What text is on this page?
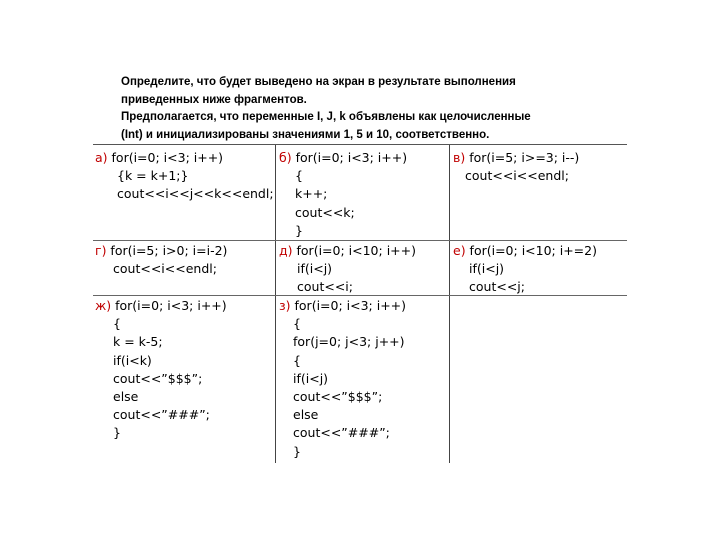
Определите, что будет выведено на экран в результате выполнения
приведенных ниже фрагментов.
Предполагается, что переменные I, J, k объявлены как целочисленные
(Int) и инициализированы значениями 1, 5 и 10, соответственно.
а) for(i=0; i<3; i++)
{k = k+1;}
cout<<i<<j<<k<<endl;
б) for(i=0; i<3; i++)
{
k++;
cout<<k;
}
в) for(i=5; i>=3; i--)
cout<<i<<endl;
г) for(i=5; i>0; i=i-2)
cout<<i<<endl;
д) for(i=0; i<10; i++)
if(i<j)
cout<<i;
е) for(i=0; i<10; i+=2)
if(i<j)
cout<<j;
ж) for(i=0; i<3; i++)
{
k = k-5;
if(i<k)
cout<<”$$$”;
else
cout<<”###”;
}
з) for(i=0; i<3; i++)
{
for(j=0; j<3; j++)
{
if(i<j)
cout<<”$$$”;
else
cout<<”###”;
}
